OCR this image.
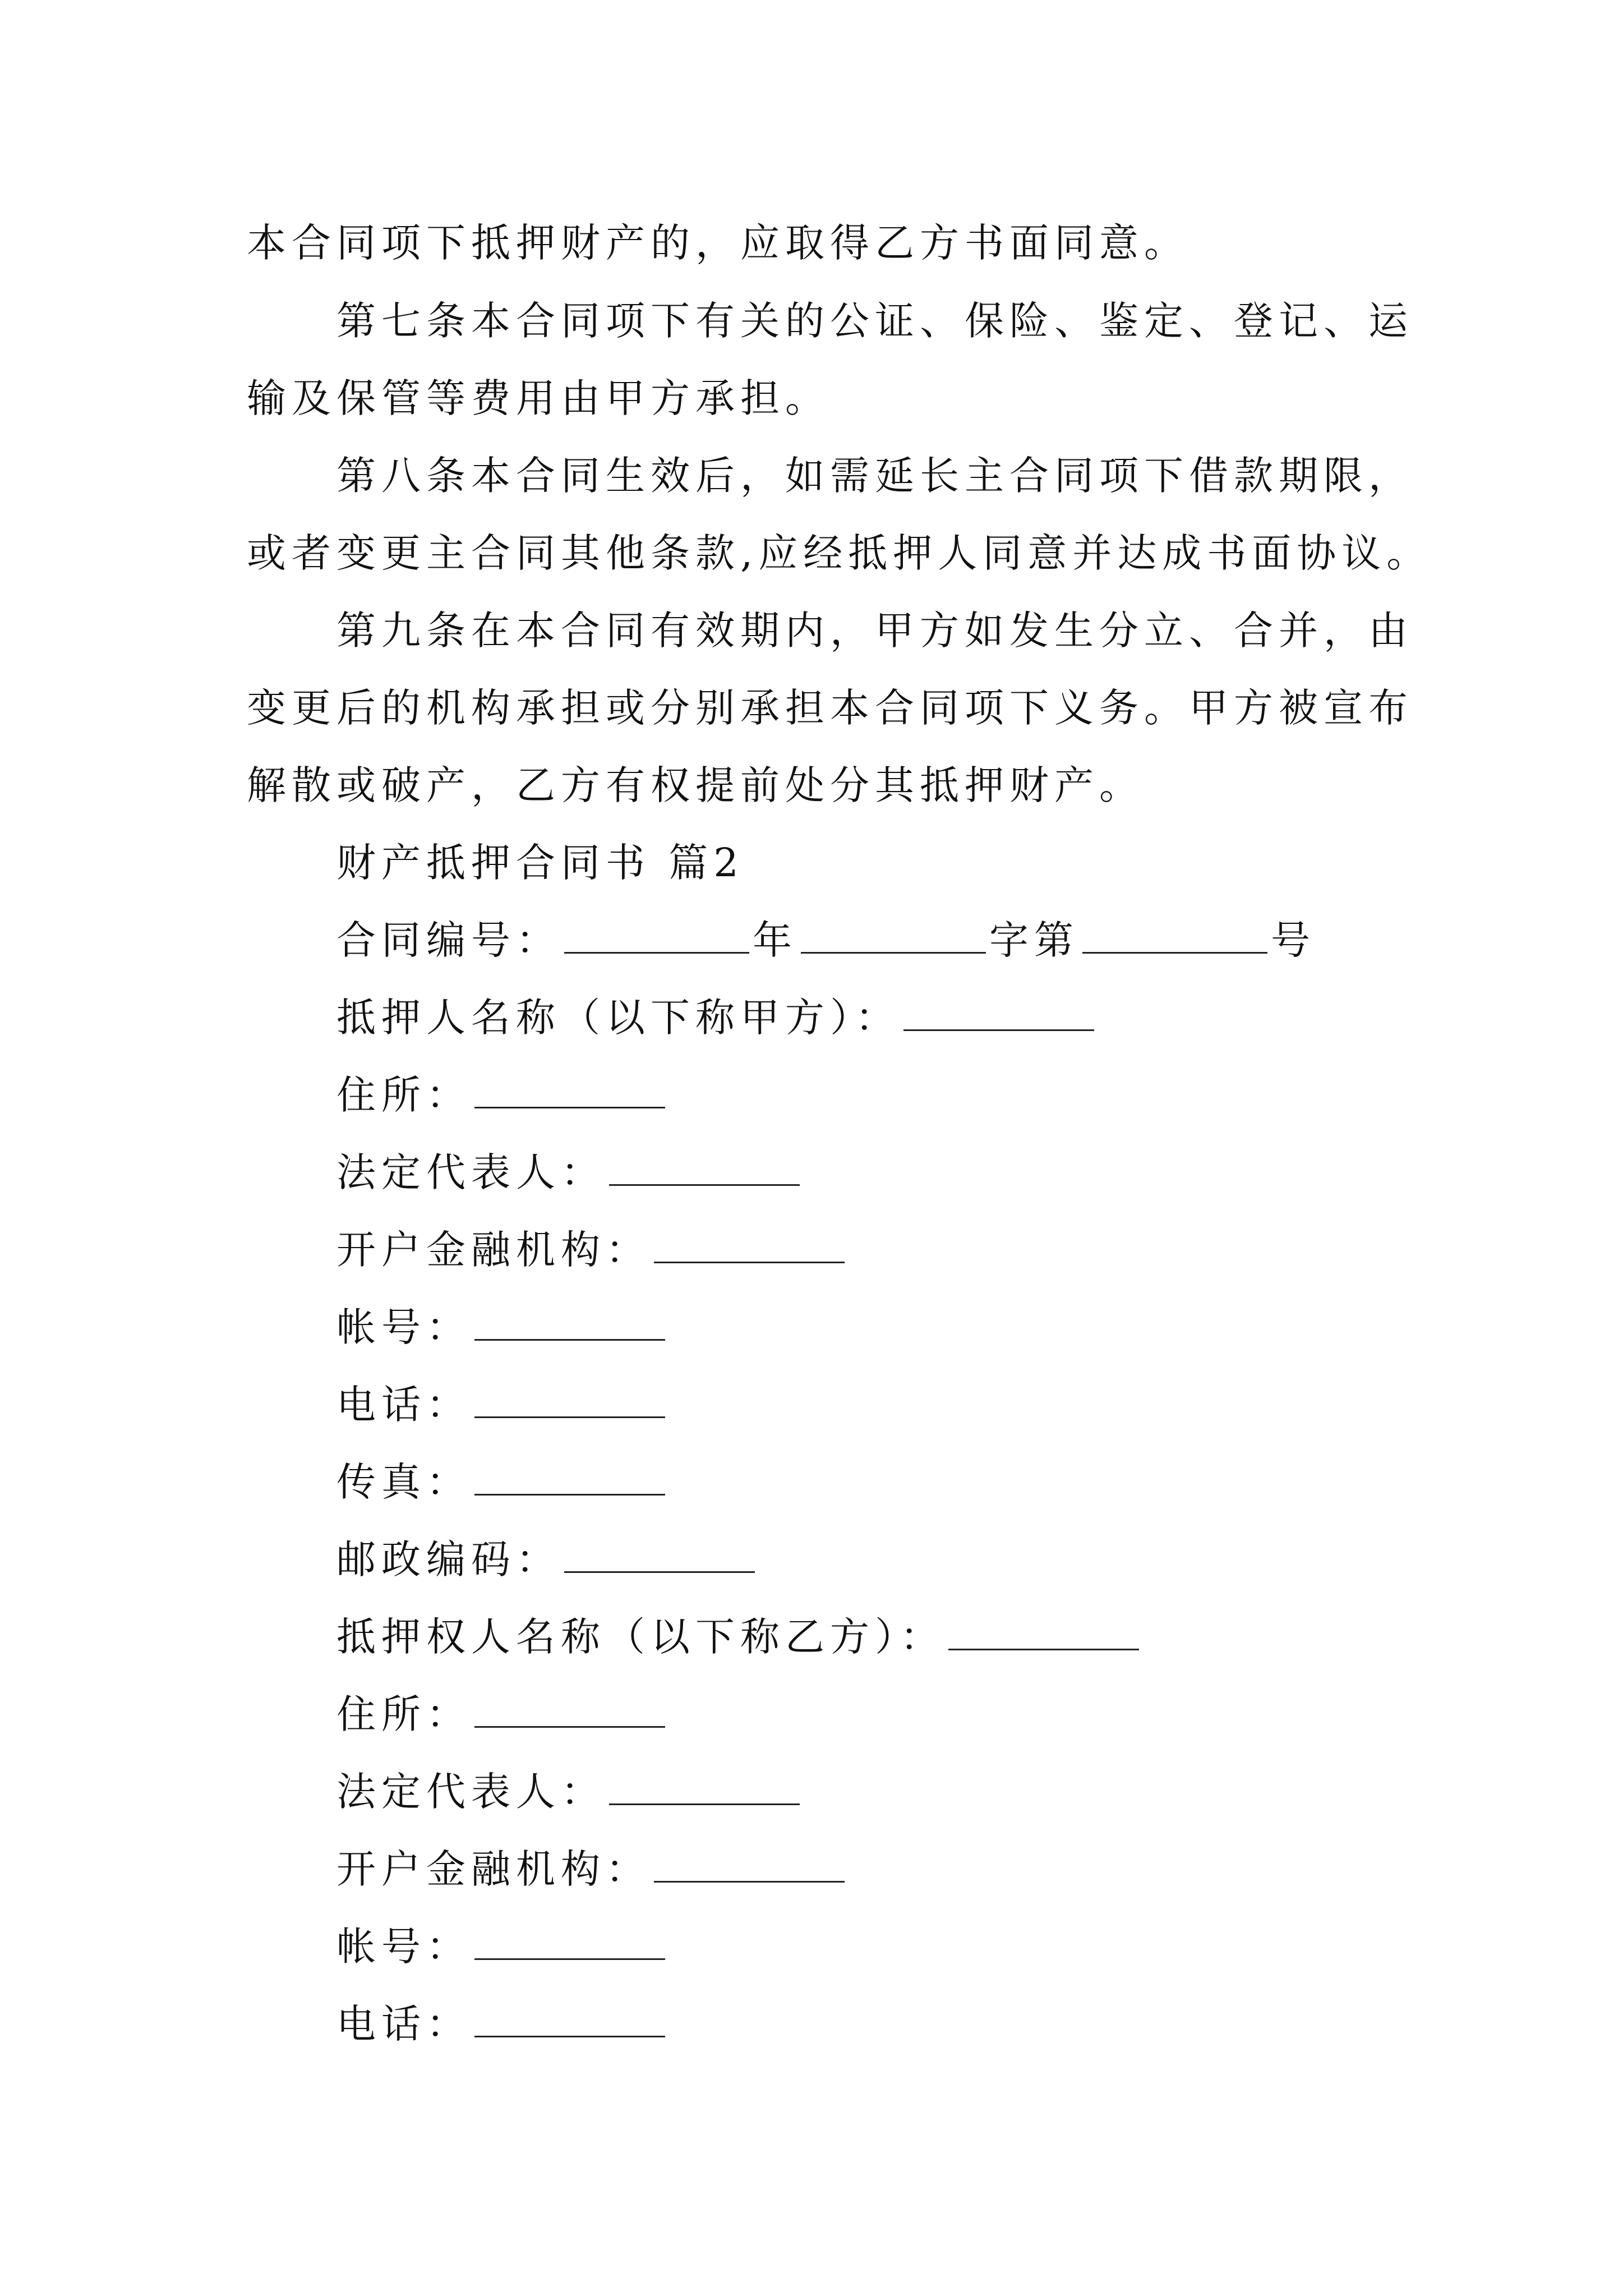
本合同项下抵押财产的，应取得乙方书面同意。
第七条本合同项下有关的公证、保险、鉴定、登记、运
输及保管等费用由甲方承担。
第八条本合同生效后，如需延长主合同项下借款期限，
或者变更主合同其他条款,应经抵押人同意并达成书面协议。
第九条在本合同有效期内，甲方如发生分立、合并，由
变更后的机构承担或分别承担本合同项下义务。甲方被宣布
解散或破产，乙方有权提前处分其抵押财产。
财产抵押合同书 篇2
合同编号：	年	字第	号
抵押人名称（以下称甲方）：
住所：
法定代表人：
开户金融机构：
帐号：
电话：
传真：
邮政编码：
抵押权人名称（以下称乙方）：
住所：
法定代表人：
开户金融机构：
帐号：
电话：
